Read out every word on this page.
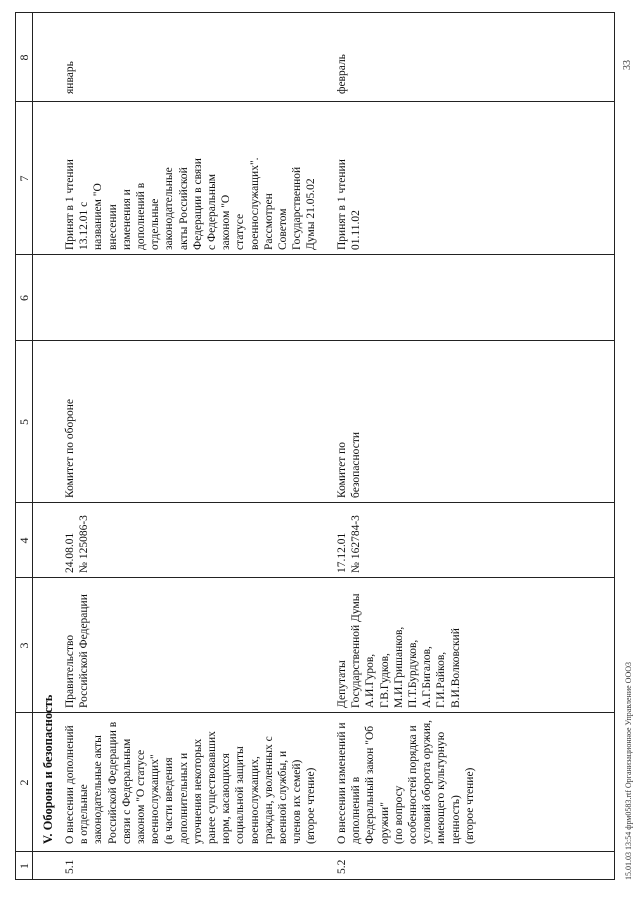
1
2
3
4
5
6
7
8
V. Оборона и безопасность
5.1
О внесении дополнений
в отдельные
законодательные акты
Российской Федерации в
связи с Федеральным
законом "О статусе
военнослужащих"
(в части введения
дополнительных и
уточнения некоторых
ранее существовавших
норм, касающихся
социальной защиты
военнослужащих,
граждан, уволенных с
военной службы, и
членов их семей)
(второе чтение)
Правительство
Российской Федерации
24.08.01
№ 125086-3
Комитет по обороне
Принят в 1 чтении
13.12.01 с
названием "О
внесении
изменения и
дополнений в
отдельные
законодательные
акты Российской
Федерации в связи
с Федеральным
законом "О
статусе
военнослужащих".
Рассмотрен
Советом
Государственной
Думы 21.05.02
январь
5.2
О внесении изменений и
дополнений в
Федеральный закон "Об
оружии"
(по вопросу
особенностей порядка и
условий оборота оружия,
имеющего культурную
ценность)
(второе чтение)
Депутаты
Государственной Думы
А.И.Гуров,
Г.В.Гудков,
М.И.Гришанков,
П.Т.Бурдуков,
А.Г.Бигалов,
Г.И.Райков,
В.И.Волковский
17.12.01
№ 162784-3
Комитет по
безопасности
Принят в 1 чтении
01.11.02
февраль
15.01.03 13:54 фрм0583.rtf Организационное Управление ООО3
33
